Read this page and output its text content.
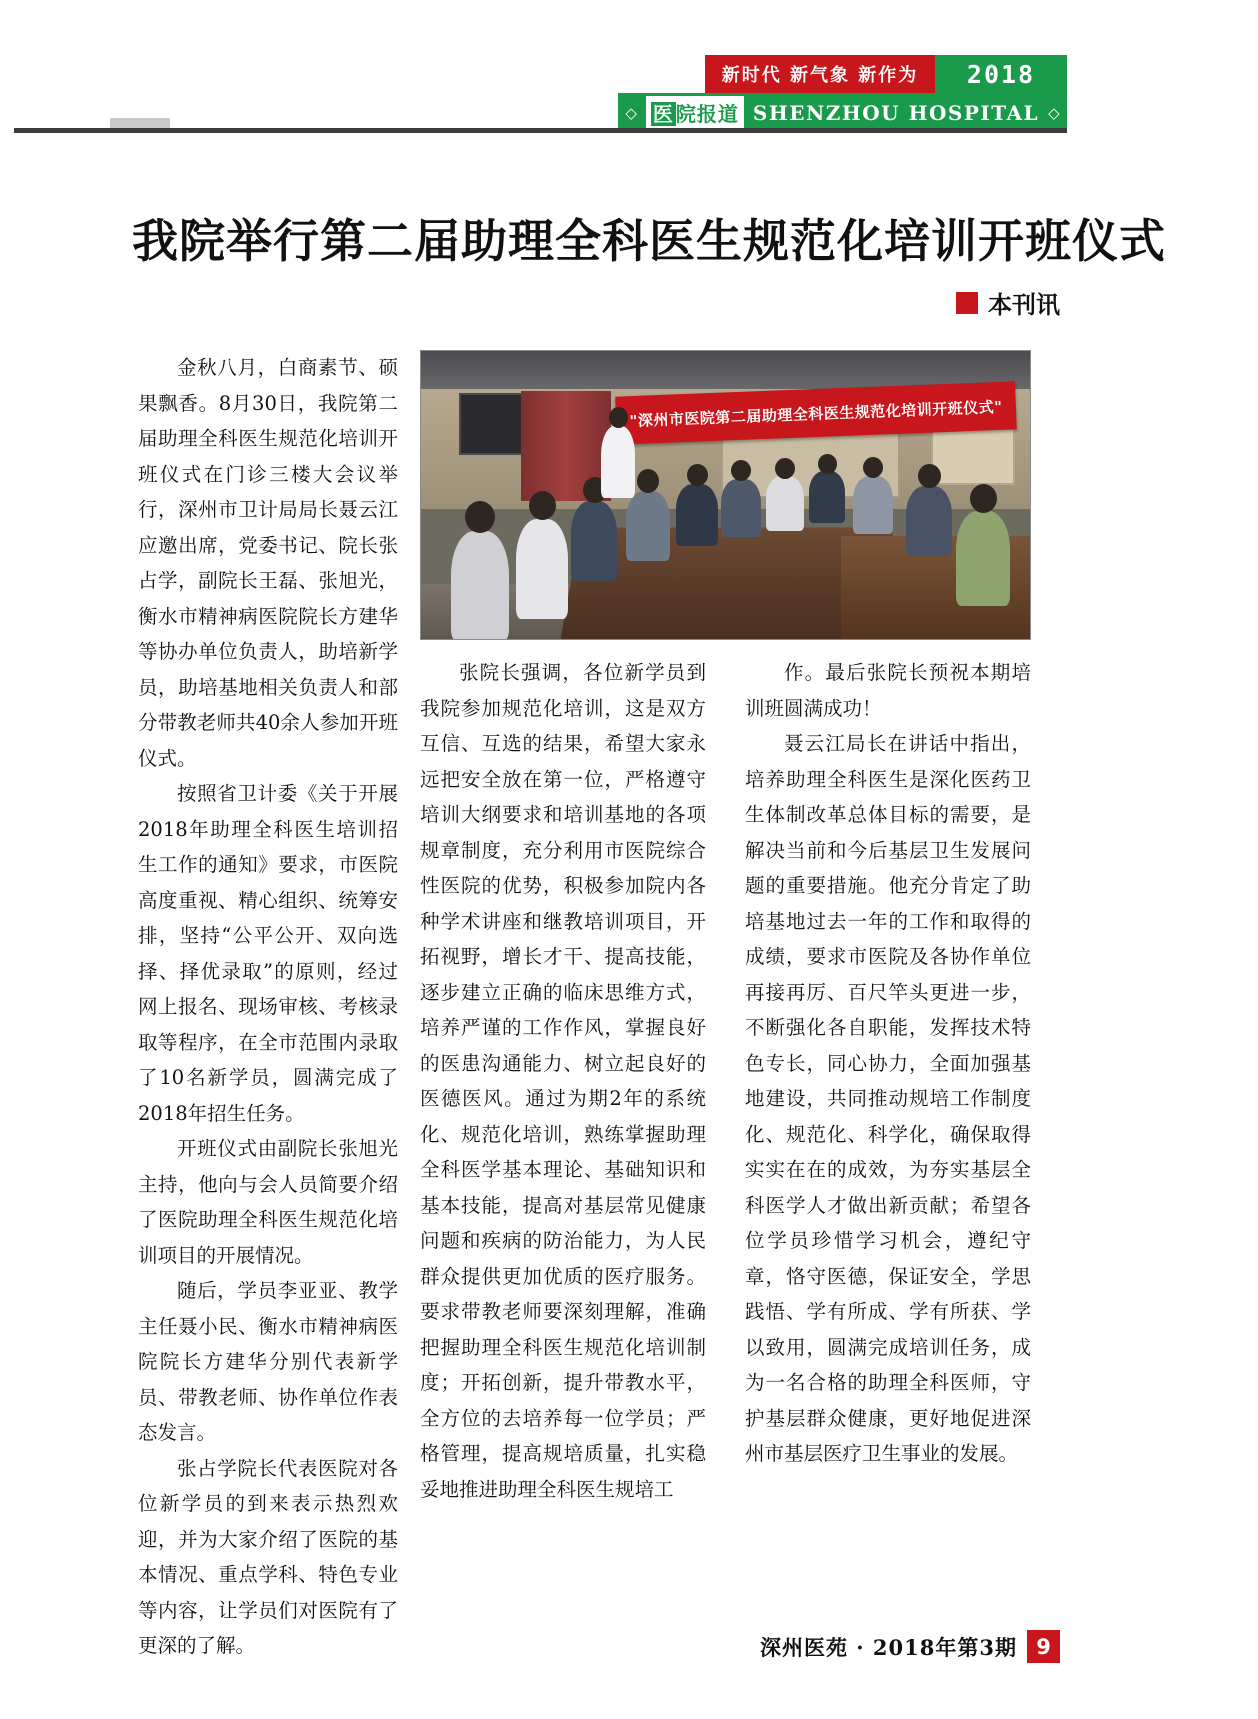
新时代 新气象 新作为 2018
◇ 医 院报道 SHENZHOU HOSPITAL ◇
我院举行第二届助理全科医生规范化培训开班仪式
本刊讯
"深州市医院第二届助理全科医生规范化培训开班仪式"

金秋八月，白商素节、硕果飘香。8月30日，我院第二届助理全科医生规范化培训开班仪式在门诊三楼大会议举行，深州市卫计局局长聂云江应邀出席，党委书记、院长张占学，副院长王磊、张旭光，衡水市精神病医院院长方建华等协办单位负责人，助培新学员，助培基地相关负责人和部分带教老师共40余人参加开班仪式。

按照省卫计委《关于开展2018年助理全科医生培训招生工作的通知》要求，市医院高度重视、精心组织、统筹安排，坚持“公平公开、双向选择、择优录取”的原则，经过网上报名、现场审核、考核录取等程序，在全市范围内录取了10名新学员，圆满完成了2018年招生任务。

开班仪式由副院长张旭光主持，他向与会人员简要介绍了医院助理全科医生规范化培训项目的开展情况。

随后，学员李亚亚、教学主任聂小民、衡水市精神病医院院长方建华分别代表新学员、带教老师、协作单位作表态发言。

张占学院长代表医院对各位新学员的到来表示热烈欢迎，并为大家介绍了医院的基本情况、重点学科、特色专业等内容，让学员们对医院有了更深的了解。

张院长强调，各位新学员到我院参加规范化培训，这是双方互信、互选的结果，希望大家永远把安全放在第一位，严格遵守培训大纲要求和培训基地的各项规章制度，充分利用市医院综合性医院的优势，积极参加院内各种学术讲座和继教培训项目，开拓视野，增长才干、提高技能，逐步建立正确的临床思维方式，培养严谨的工作作风，掌握良好的医患沟通能力、树立起良好的医德医风。通过为期2年的系统化、规范化培训，熟练掌握助理全科医学基本理论、基础知识和基本技能，提高对基层常见健康问题和疾病的防治能力，为人民群众提供更加优质的医疗服务。要求带教老师要深刻理解，准确把握助理全科医生规范化培训制度；开拓创新，提升带教水平，全方位的去培养每一位学员；严格管理，提高规培质量，扎实稳妥地推进助理全科医生规培工

作。最后张院长预祝本期培训班圆满成功！

聂云江局长在讲话中指出，培养助理全科医生是深化医药卫生体制改革总体目标的需要，是解决当前和今后基层卫生发展问题的重要措施。他充分肯定了助培基地过去一年的工作和取得的成绩，要求市医院及各协作单位再接再厉、百尺竿头更进一步，不断强化各自职能，发挥技术特色专长，同心协力，全面加强基地建设，共同推动规培工作制度化、规范化、科学化，确保取得实实在在的成效，为夯实基层全科医学人才做出新贡献；希望各位学员珍惜学习机会，遵纪守章，恪守医德，保证安全，学思践悟、学有所成、学有所获、学以致用，圆满完成培训任务，成为一名合格的助理全科医师，守护基层群众健康，更好地促进深州市基层医疗卫生事业的发展。

深州医苑 · 2018年第3期 9
